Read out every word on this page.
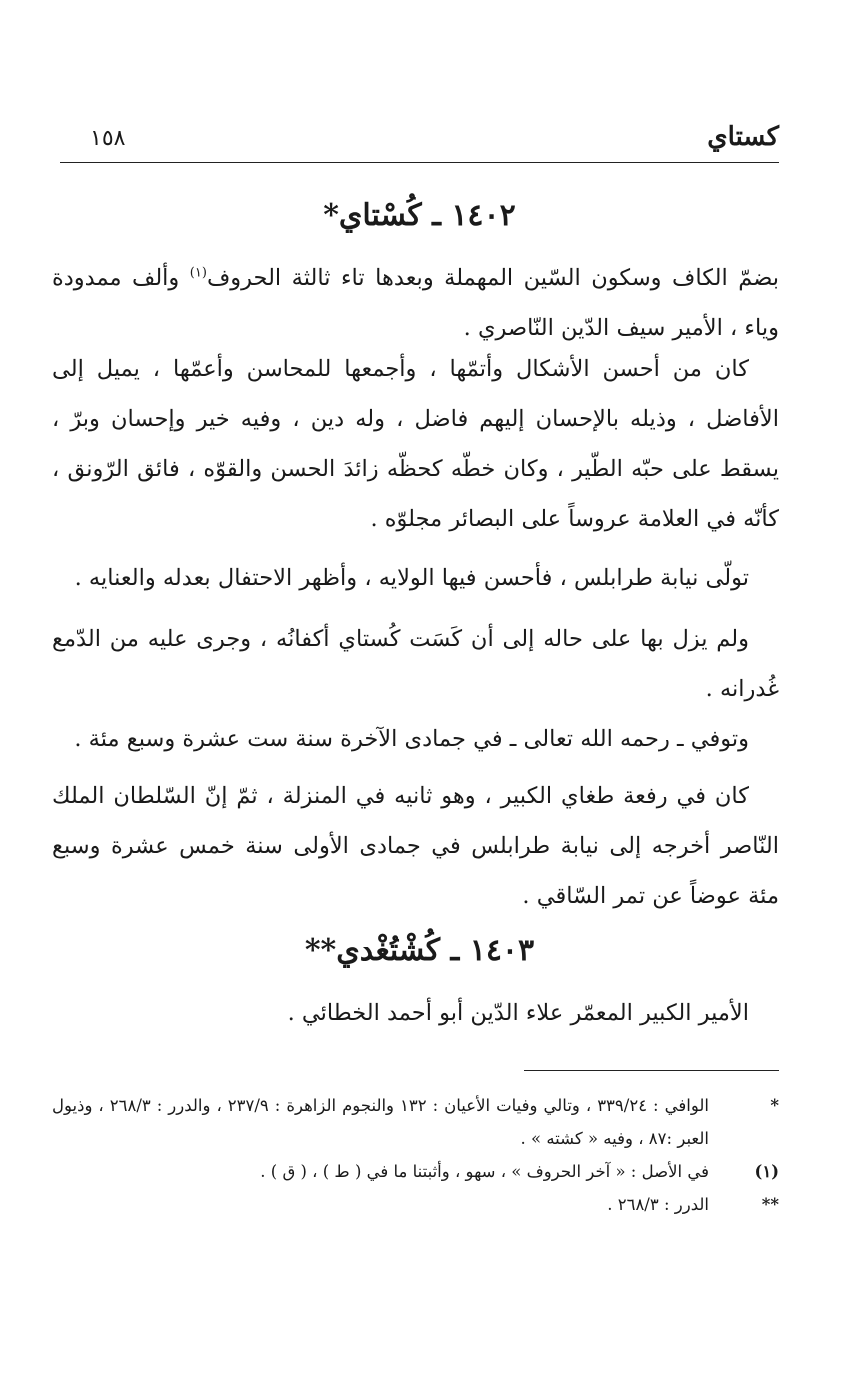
كستاي
١٥٨
١٤٠٢ ـ كُسْتاي*

بضمّ الكاف وسكون السّين المهملة وبعدها تاء ثالثة الحروف$^{(١)}$ وألف ممدودة وياء ، الأمير سيف الدّين النّاصري .

كان من أحسن الأشكال وأتمّها ، وأجمعها للمحاسن وأعمّها ، يميل إلى الأفاضل ، وذيله بالإحسان إليهم فاضل ، وله دين ، وفيه خير وإحسان وبرّ ، يسقط على حبّه الطّير ، وكان خطّه كحظّه زائدَ الحسن والقوّه ، فائق الرّونق ، كأنّه في العلامة عروساً على البصائر مجلوّه .

تولّى نيابة طرابلس ، فأحسن فيها الولايه ، وأظهر الاحتفال بعدله والعنايه .

ولم يزل بها على حاله إلى أن كَسَت كُستاي أكفانُه ، وجرى عليه من الدّمع غُدرانه .

وتوفي ـ رحمه الله تعالى ـ في جمادى الآخرة سنة ست عشرة وسبع مئة .

كان في رفعة طغاي الكبير ، وهو ثانيه في المنزلة ، ثمّ إنّ السّلطان الملك النّاصر أخرجه إلى نيابة طرابلس في جمادى الأولى سنة خمس عشرة وسبع مئة عوضاً عن تمر السّاقي .

١٤٠٣ ـ كُشْتُغْدي**

الأمير الكبير المعمّر علاء الدّين أبو أحمد الخطائي .

*
الوافي : ٣٣٩/٢٤ ، وتالي وفيات الأعيان : ١٣٢ والنجوم الزاهرة : ٢٣٧/٩ ، والدرر : ٢٦٨/٣ ، وذيول العبر :٨٧ ، وفيه « كشته » .
(١)
في الأصل : « آخر الحروف » ، سهو ، وأثبتنا ما في ( ط ) ، ( ق ) .
**
الدرر : ٢٦٨/٣ .
